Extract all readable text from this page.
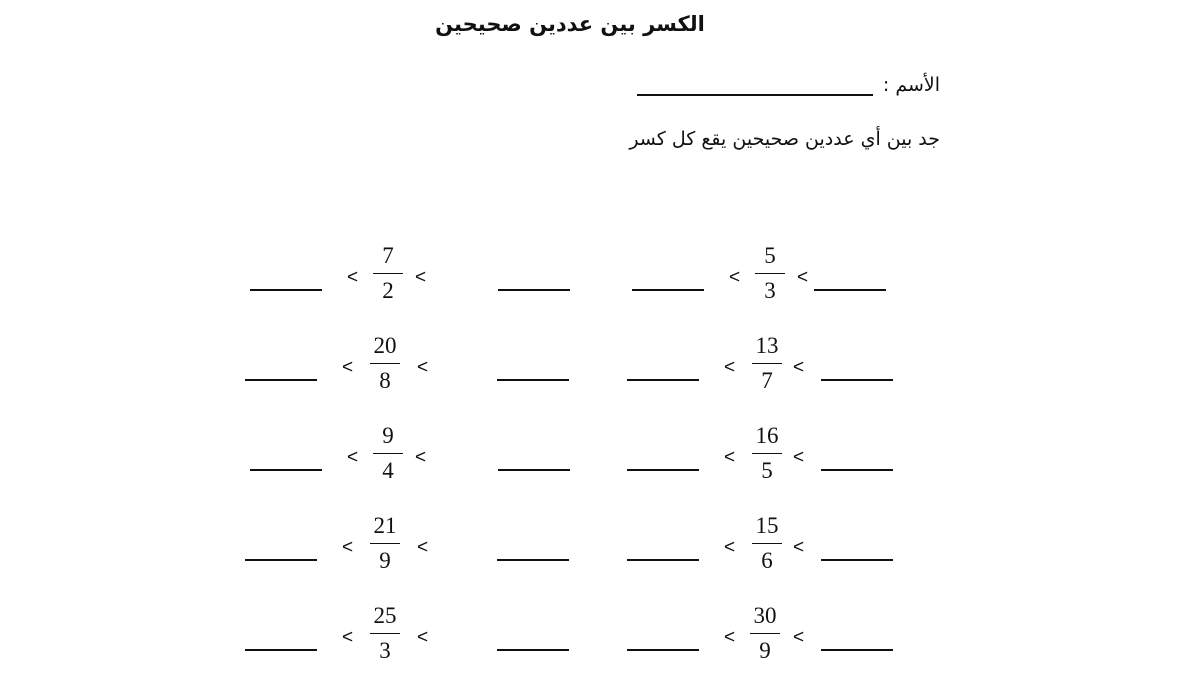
الكسر بين عددين صحيحين
الأسم :
جد بين أي عددين صحيحين يقع كل كسر
<
7
2
<
<
20
8
<
<
9
4
<
<
21
9
<
<
25
3
<
<
5
3
<
<
13
7
<
<
16
5
<
<
15
6
<
<
30
9
<
